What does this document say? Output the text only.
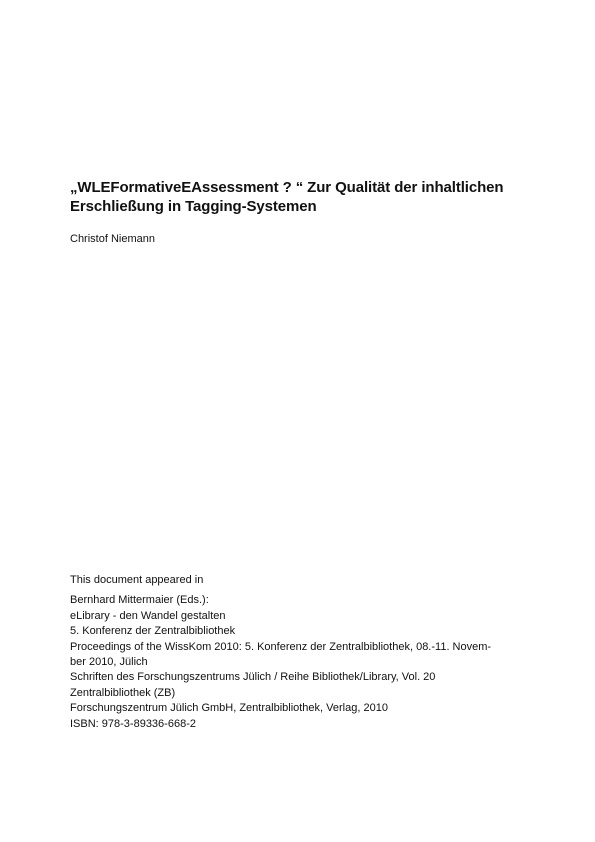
„WLEFormativeEAssessment ? “ Zur Qualität der inhaltlichen
Erschließung in Tagging-Systemen
Christof Niemann

This document appeared in

Bernhard Mittermaier (Eds.):
eLibrary - den Wandel gestalten
5. Konferenz der Zentralbibliothek
Proceedings of the WissKom 2010: 5. Konferenz der Zentralbibliothek, 08.-11. Novem-
ber 2010, Jülich
Schriften des Forschungszentrums Jülich / Reihe Bibliothek/Library, Vol. 20
Zentralbibliothek (ZB)
Forschungszentrum Jülich GmbH, Zentralbibliothek, Verlag, 2010
ISBN: 978-3-89336-668-2
